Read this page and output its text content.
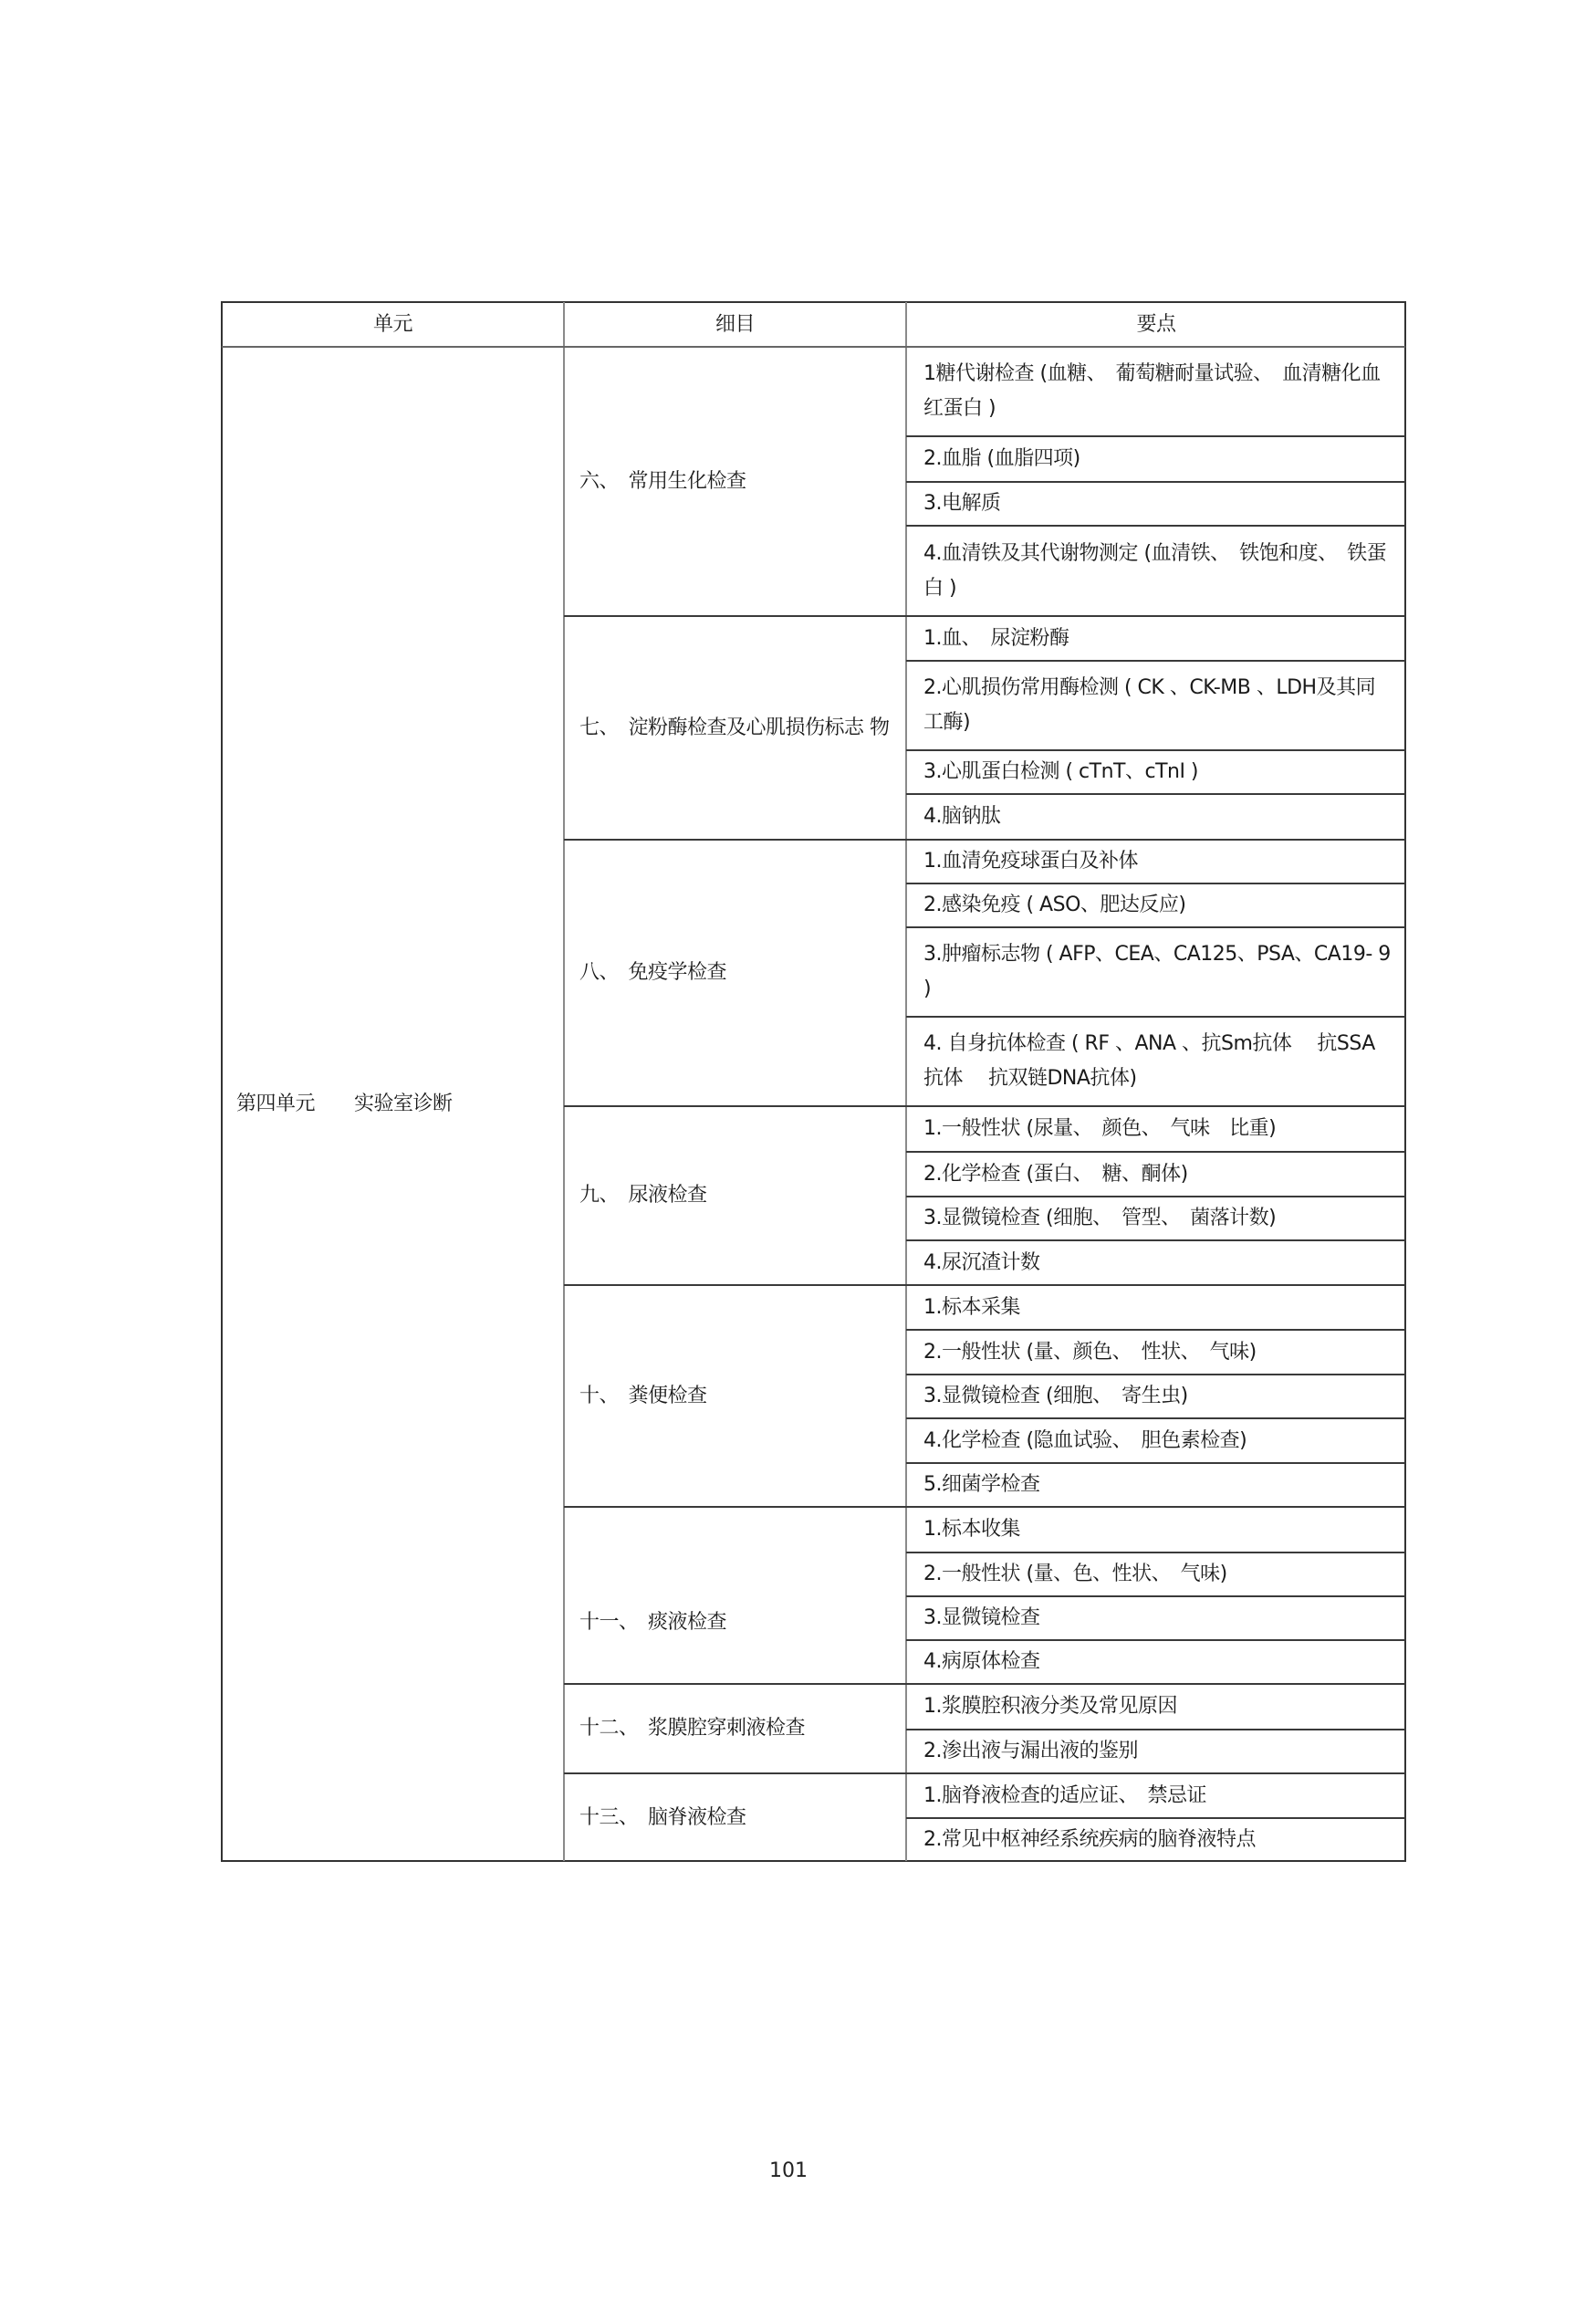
单元	细目	要点
第四单元　　实验室诊断
六、　常用生化检查
1糖代谢检查 (血糖、　葡萄糖耐量试验、　血清糖化血红蛋白 )
2.血脂 (血脂四项)
3.电解质
4.血清铁及其代谢物测定 (血清铁、　铁饱和度、　铁蛋白 )
七、　淀粉酶检查及心肌损伤标志 物
1.血、　尿淀粉酶
2.心肌损伤常用酶检测 ( CK 、CK-MB 、LDH及其同工酶)
3.心肌蛋白检测 ( cTnT、cTnI )
4.脑钠肽
八、　免疫学检查
1.血清免疫球蛋白及补体
2.感染免疫 ( ASO、肥达反应)
3.肿瘤标志物 ( AFP、CEA、CA125、PSA、CA19- 9 )
4. 自身抗体检查 ( RF 、ANA 、抗Sm抗体　 抗SSA抗体　 抗双链DNA抗体)
九、　尿液检查
1.一般性状 (尿量、　颜色、　气味　比重)
2.化学检查 (蛋白、　糖、酮体)
3.显微镜检查 (细胞、　管型、　菌落计数)
4.尿沉渣计数
十、　粪便检查
1.标本采集
2.一般性状 (量、颜色、　性状、　气味)
3.显微镜检查 (细胞、　寄生虫)
4.化学检查 (隐血试验、　胆色素检查)
5.细菌学检查
十一、　痰液检查
1.标本收集
2.一般性状 (量、色、性状、　气味)
3.显微镜检查
4.病原体检查
十二、　浆膜腔穿刺液检查
1.浆膜腔积液分类及常见原因
2.渗出液与漏出液的鉴别
十三、　脑脊液检查
1.脑脊液检查的适应证、　禁忌证
2.常见中枢神经系统疾病的脑脊液特点
101
